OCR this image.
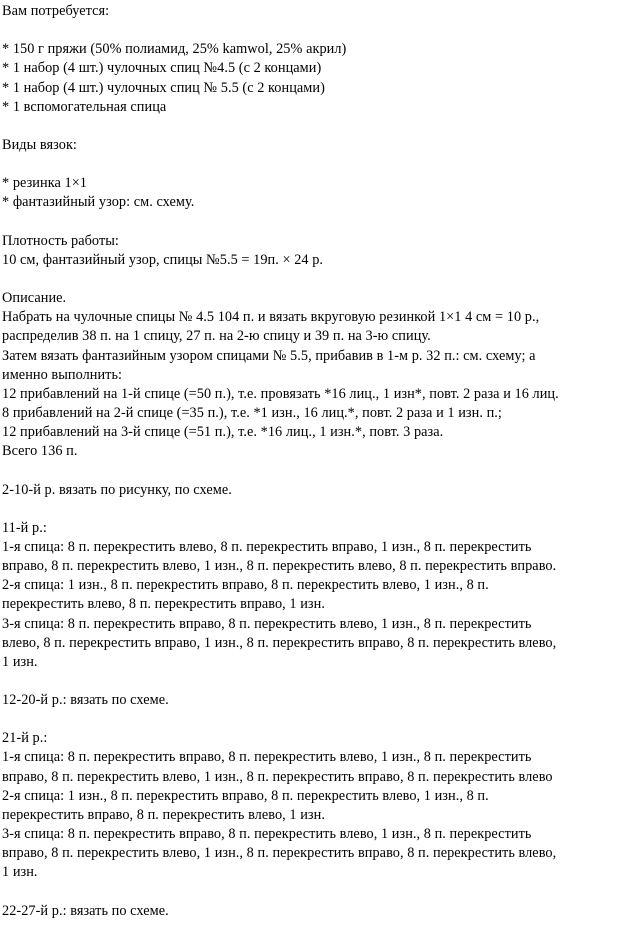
Вам потребуется:
* 150 г пряжи (50% полиамид, 25% kamwol, 25% акрил)
* 1 набор (4 шт.) чулочных спиц №4.5 (с 2 концами)
* 1 набор (4 шт.) чулочных спиц № 5.5 (с 2 концами)
* 1 вспомогательная спица
Виды вязок:
* резинка 1×1
* фантазийный узор: см. схему.
Плотность работы:
10 см, фантазийный узор, спицы №5.5 = 19п. × 24 р.
Описание.
Набрать на чулочные спицы № 4.5 104 п. и вязать вкруговую резинкой 1×1 4 см = 10 р.,
распределив 38 п. на 1 спицу, 27 п. на 2-ю спицу и 39 п. на 3-ю спицу.
Затем вязать фантазийным узором спицами № 5.5, прибавив в 1-м р. 32 п.: см. схему; а
именно выполнить:
12 прибавлений на 1-й спице (=50 п.), т.е. провязать *16 лиц., 1 изн*, повт. 2 раза и 16 лиц.
8 прибавлений на 2-й спице (=35 п.), т.е. *1 изн., 16 лиц.*, повт. 2 раза и 1 изн. п.;
12 прибавлений на 3-й спице (=51 п.), т.е. *16 лиц., 1 изн.*, повт. 3 раза.
Всего 136 п.
2-10-й р. вязать по рисунку, по схеме.
11-й р.:
1-я спица: 8 п. перекрестить влево, 8 п. перекрестить вправо, 1 изн., 8 п. перекрестить
вправо, 8 п. перекрестить влево, 1 изн., 8 п. перекрестить влево, 8 п. перекрестить вправо.
2-я спица: 1 изн., 8 п. перекрестить вправо, 8 п. перекрестить влево, 1 изн., 8 п.
перекрестить влево, 8 п. перекрестить вправо, 1 изн.
3-я спица: 8 п. перекрестить вправо, 8 п. перекрестить влево, 1 изн., 8 п. перекрестить
влево, 8 п. перекрестить вправо, 1 изн., 8 п. перекрестить вправо, 8 п. перекрестить влево,
1 изн.
12-20-й р.: вязать по схеме.
21-й р.:
1-я спица: 8 п. перекрестить вправо, 8 п. перекрестить влево, 1 изн., 8 п. перекрестить
вправо, 8 п. перекрестить влево, 1 изн., 8 п. перекрестить вправо, 8 п. перекрестить влево
2-я спица: 1 изн., 8 п. перекрестить вправо, 8 п. перекрестить влево, 1 изн., 8 п.
перекрестить вправо, 8 п. перекрестить влево, 1 изн.
3-я спица: 8 п. перекрестить вправо, 8 п. перекрестить влево, 1 изн., 8 п. перекрестить
вправо, 8 п. перекрестить влево, 1 изн., 8 п. перекрестить вправо, 8 п. перекрестить влево,
1 изн.
22-27-й р.: вязать по схеме.
